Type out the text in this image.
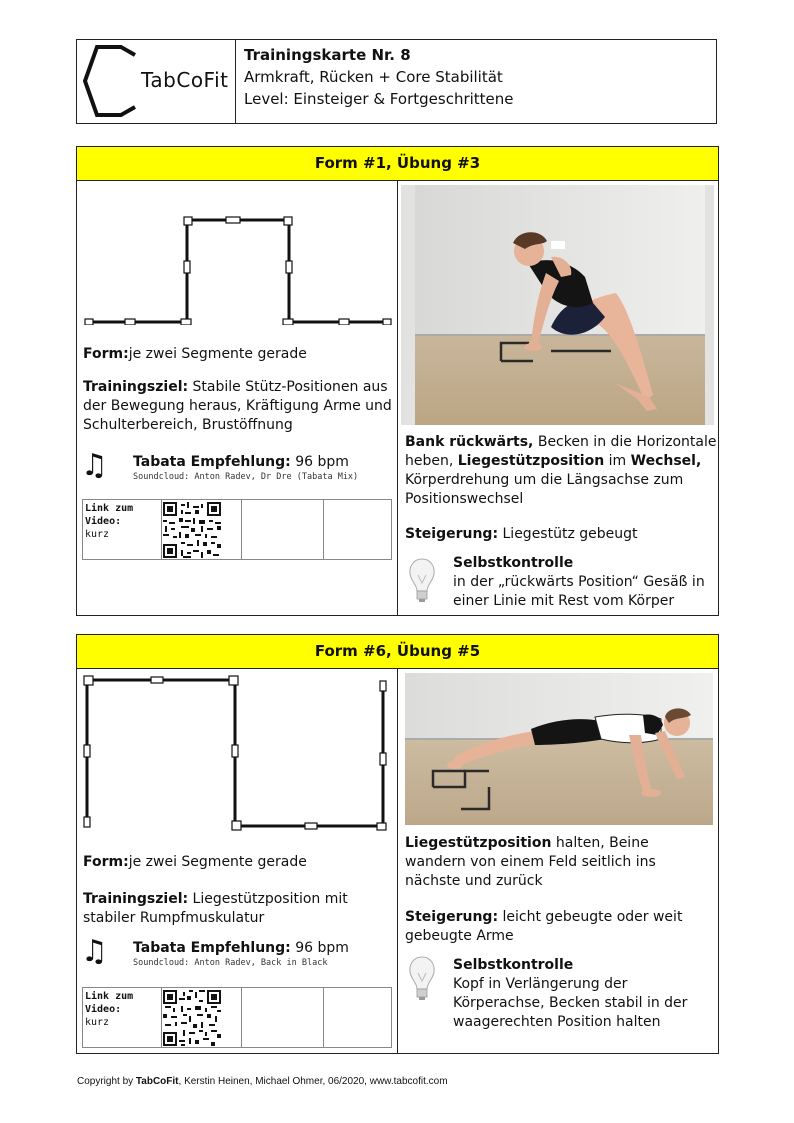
TabCoFit
Trainingskarte Nr. 8
Armkraft, Rücken + Core Stabilität
Level: Einsteiger & Fortgeschrittene
Form #1, Übung #3
Form:je zwei Segmente gerade
Trainingsziel: Stabile Stütz-Positionen aus der Bewegung heraus, Kräftigung Arme und Schulterbereich, Brustöffnung
♫ Tabata Empfehlung: 96 bpm
Soundcloud: Anton Radev, Dr Dre (Tabata Mix)
Link zum
Video:
kurz
Bank rückwärts, Becken in die Horizontale heben, Liegestützposition im Wechsel, Körperdrehung um die Längsachse zum Positionswechsel
Steigerung: Liegestütz gebeugt
Selbstkontrolle
in der „rückwärts Position“ Gesäß in einer Linie mit Rest vom Körper
Form #6, Übung #5
Form:je zwei Segmente gerade
Trainingsziel: Liegestützposition mit stabiler Rumpfmuskulatur
♫ Tabata Empfehlung: 96 bpm
Soundcloud: Anton Radev, Back in Black
Link zum
Video:
kurz
Liegestützposition halten, Beine wandern von einem Feld seitlich ins nächste und zurück
Steigerung: leicht gebeugte oder weit gebeugte Arme
Selbstkontrolle
Kopf in Verlängerung der Körperachse, Becken stabil in der waagerechten Position halten
Copyright by TabCoFit, Kerstin Heinen, Michael Ohmer, 06/2020, www.tabcofit.com
